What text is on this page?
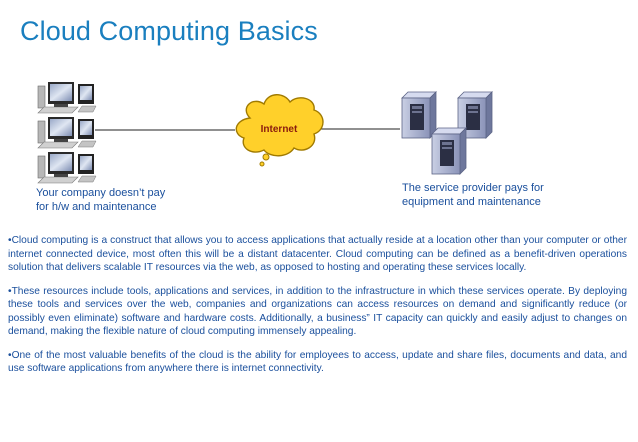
Cloud Computing Basics
Internet
Your company doesn’t pay
for h/w and maintenance
The service provider pays for
equipment and maintenance

•Cloud computing is a construct that allows you to access applications that actually reside at a location other than your computer or other internet connected device, most often this will be a distant datacenter. Cloud computing can be defined as a benefit-driven operations solution that delivers scalable IT resources via the web, as opposed to hosting and operating these services locally.

•These resources include tools, applications and services, in addition to the infrastructure in which these services operate. By deploying these tools and services over the web, companies and organizations can access resources on demand and significantly reduce (or possibly even eliminate) software and hardware costs. Additionally, a business” IT capacity can quickly and easily adjust to changes on demand, making the flexible nature of cloud computing immensely appealing.

•One of the most valuable benefits of the cloud is the ability for employees to access, update and share files, documents and data, and use software applications from anywhere there is internet connectivity.
